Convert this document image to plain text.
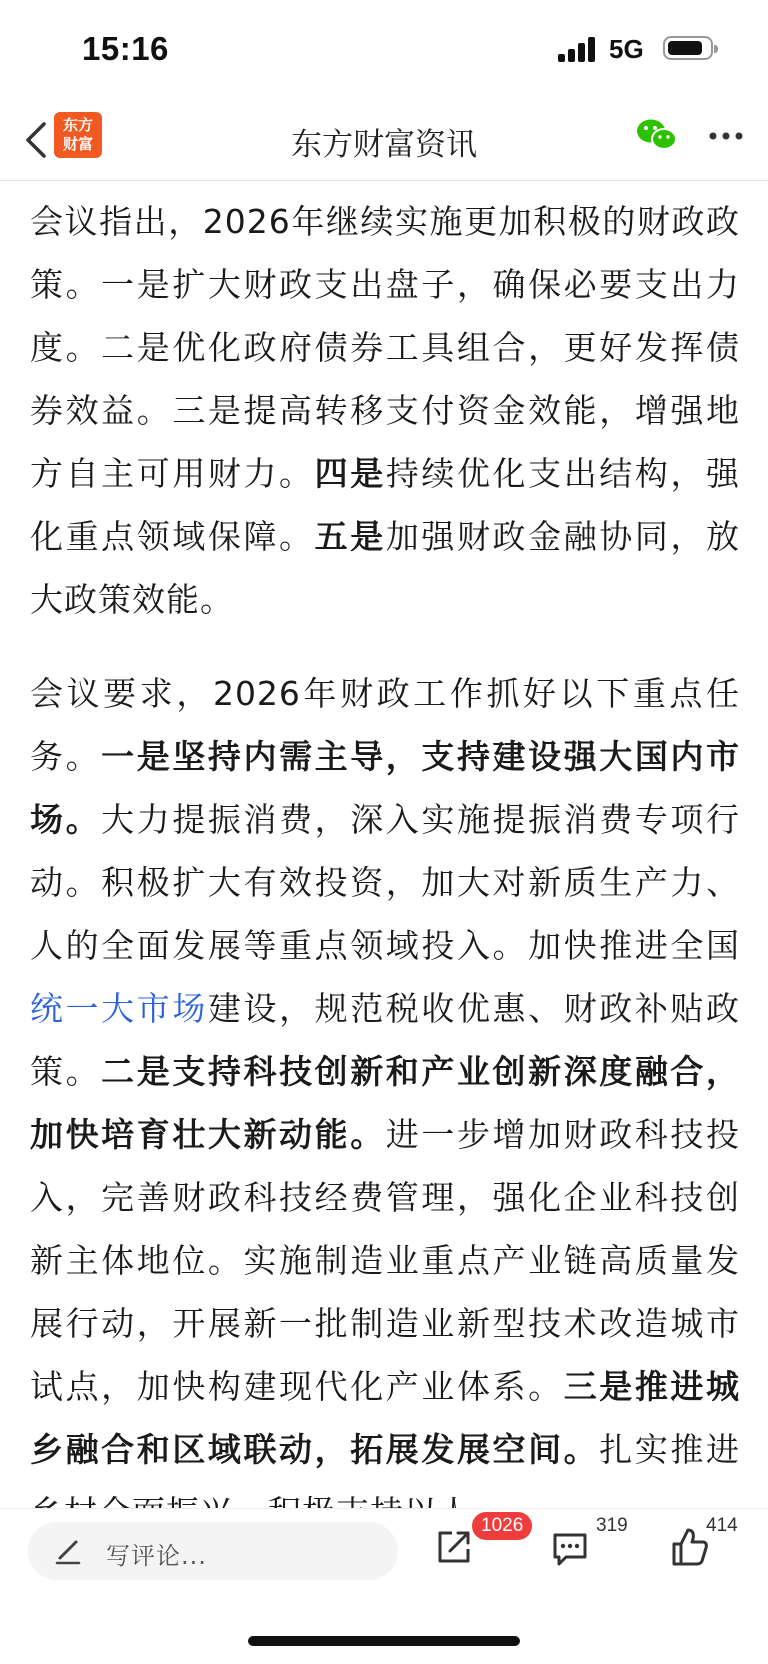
15:16	5G
东方
财富	东方财富资讯

会议指出，2026年继续实施更加积极的财政政策。一是扩大财政支出盘子，确保必要支出力度。二是优化政府债券工具组合，更好发挥债券效益。三是提高转移支付资金效能，增强地方自主可用财力。四是持续优化支出结构，强化重点领域保障。五是加强财政金融协同，放大政策效能。

会议要求，2026年财政工作抓好以下重点任务。一是坚持内需主导，支持建设强大国内市场。大力提振消费，深入实施提振消费专项行动。积极扩大有效投资，加大对新质生产力、人的全面发展等重点领域投入。加快推进全国统一大市场建设，规范税收优惠、财政补贴政策。二是支持科技创新和产业创新深度融合，加快培育壮大新动能。进一步增加财政科技投入，完善财政科技经费管理，强化企业科技创新主体地位。实施制造业重点产业链高质量发展行动，开展新一批制造业新型技术改造城市试点，加快构建现代化产业体系。三是推进城乡融合和区域联动，拓展发展空间。扎实推进

写评论...
1026	319	414
